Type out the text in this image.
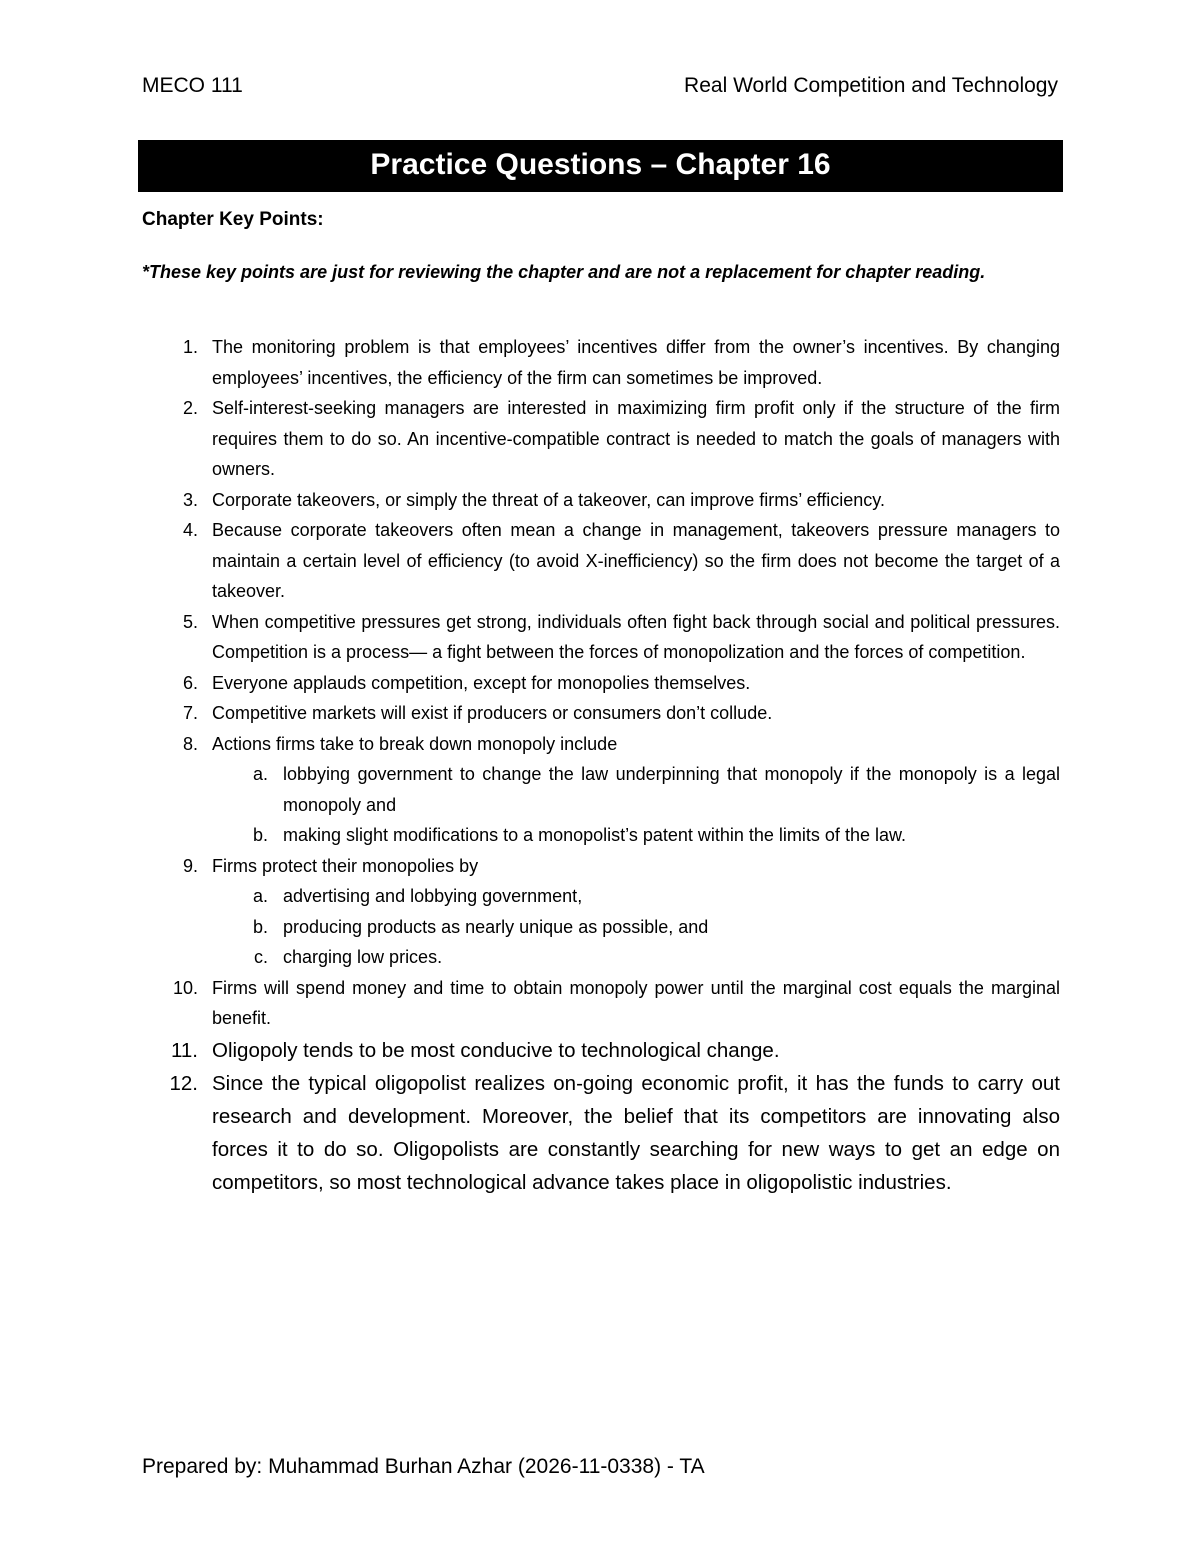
MECO 111	Real World Competition and Technology
Practice Questions – Chapter 16
Chapter Key Points:
*These key points are just for reviewing the chapter and are not a replacement for chapter reading.
1. The monitoring problem is that employees’ incentives differ from the owner’s incentives. By changing employees’ incentives, the efficiency of the firm can sometimes be improved.
2. Self-interest-seeking managers are interested in maximizing firm profit only if the structure of the firm requires them to do so. An incentive-compatible contract is needed to match the goals of managers with owners.
3. Corporate takeovers, or simply the threat of a takeover, can improve firms’ efficiency.
4. Because corporate takeovers often mean a change in management, takeovers pressure managers to maintain a certain level of efficiency (to avoid X-inefficiency) so the firm does not become the target of a takeover.
5. When competitive pressures get strong, individuals often fight back through social and political pressures. Competition is a process— a fight between the forces of monopolization and the forces of competition.
6. Everyone applauds competition, except for monopolies themselves.
7. Competitive markets will exist if producers or consumers don’t collude.
8. Actions firms take to break down monopoly include
a. lobbying government to change the law underpinning that monopoly if the monopoly is a legal monopoly and
b. making slight modifications to a monopolist’s patent within the limits of the law.
9. Firms protect their monopolies by
a. advertising and lobbying government,
b. producing products as nearly unique as possible, and
c. charging low prices.
10. Firms will spend money and time to obtain monopoly power until the marginal cost equals the marginal benefit.
11. Oligopoly tends to be most conducive to technological change.
12. Since the typical oligopolist realizes on-going economic profit, it has the funds to carry out research and development. Moreover, the belief that its competitors are innovating also forces it to do so. Oligopolists are constantly searching for new ways to get an edge on competitors, so most technological advance takes place in oligopolistic industries.
Prepared by: Muhammad Burhan Azhar (2026-11-0338) - TA
